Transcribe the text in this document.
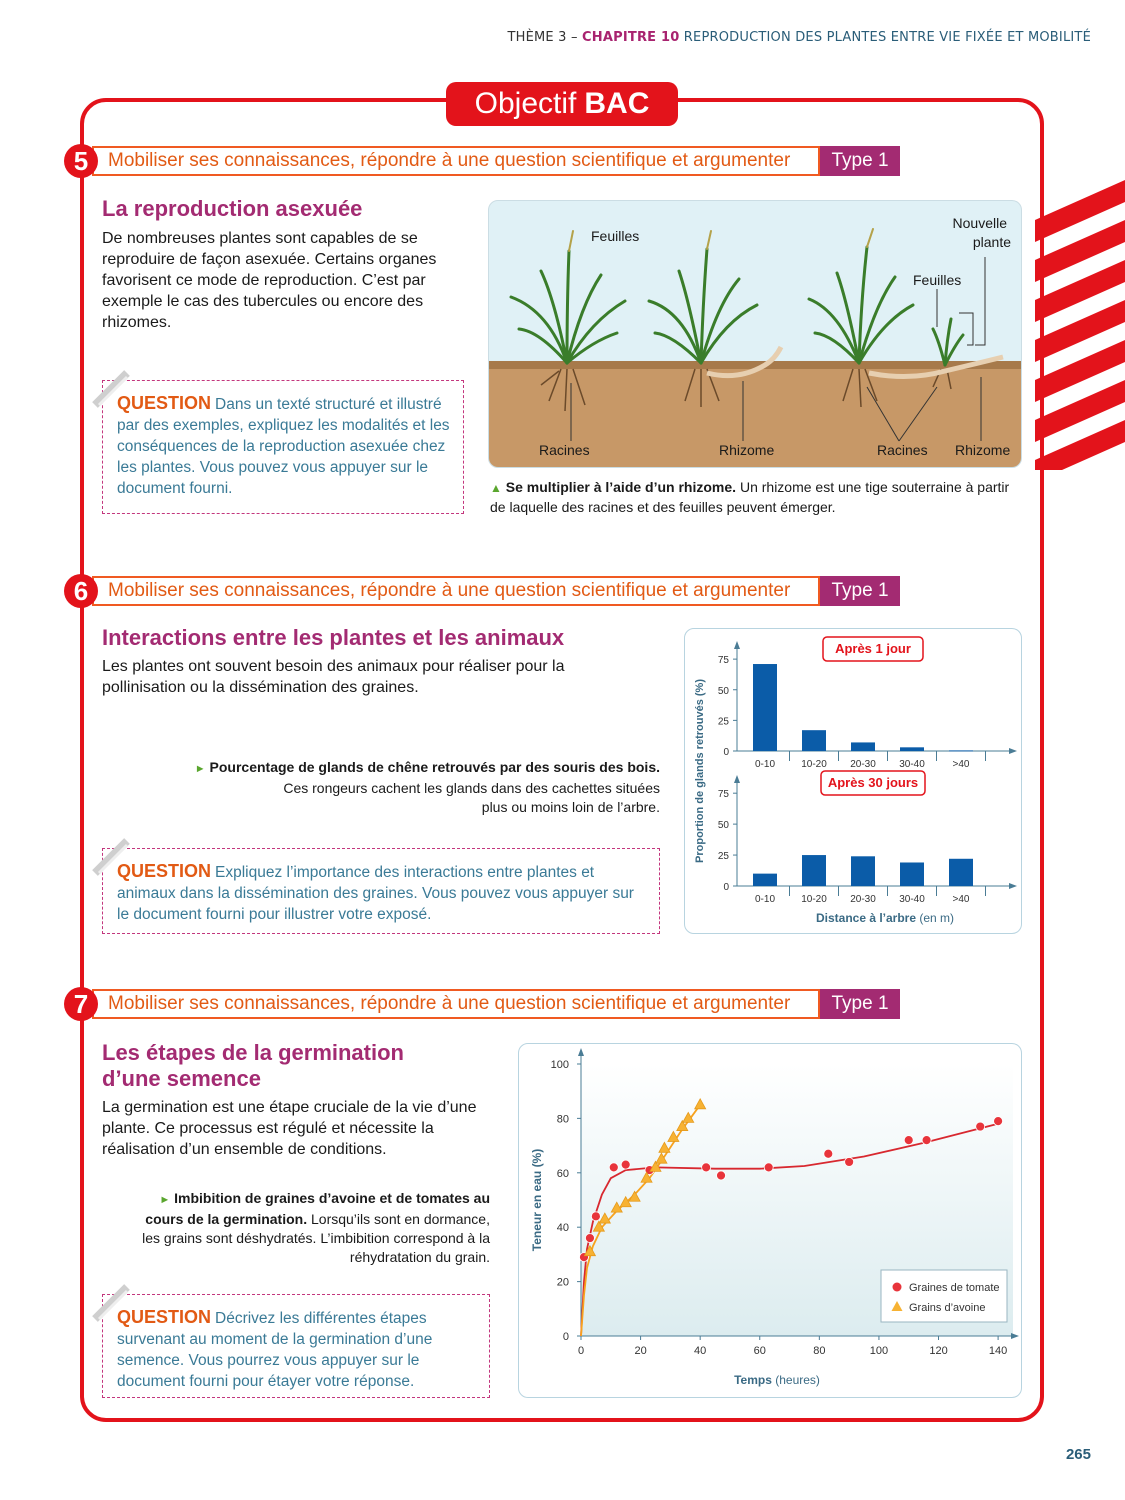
THÈME 3 – CHAPITRE 10 REPRODUCTION DES PLANTES ENTRE VIE FIXÉE ET MOBILITÉ
Objectif BAC
5	Mobiliser ses connaissances, répondre à une question scientifique et argumenter	Type 1
La reproduction asexuée
De nombreuses plantes sont capables de se reproduire de façon asexuée. Certains organes favorisent ce mode de reproduction. C’est par exemple le cas des tubercules ou encore des rhizomes.
QUESTION Dans un texté structuré et illustré par des exemples, expliquez les modalités et les conséquences de la reproduction asexuée chez les plantes. Vous pouvez vous appuyer sur le document fourni.
Feuilles
Nouvelle
plante
Feuilles
Racines	Rhizome	Racines Rhizome
▲ Se multiplier à l’aide d’un rhizome. Un rhizome est une tige souterraine à partir de laquelle des racines et des feuilles peuvent émerger.
6	Mobiliser ses connaissances, répondre à une question scientifique et argumenter	Type 1
Interactions entre les plantes et les animaux
Les plantes ont souvent besoin des animaux pour réaliser pour la pollinisation ou la dissémination des graines.
► Pourcentage de glands de chêne retrouvés par des souris des bois.
Ces rongeurs cachent les glands dans des cachettes situées
plus ou moins loin de l’arbre.
QUESTION Expliquez l’importance des interactions entre plantes et animaux dans la dissémination des graines. Vous pouvez vous appuyer sur le document fourni pour illustrer votre exposé.
0
25
50
75
0-10	10-20 20-30 30-40	>40
Après 1 jour
0
25
50
75
0-10	10-20 20-30 30-40	>40
Après 30 jours
Proportion de glands retrouvés (%)
Distance à l’arbre (en m)
7	Mobiliser ses connaissances, répondre à une question scientifique et argumenter	Type 1
Les étapes de la germination
d’une semence
La germination est une étape cruciale de la vie d’une plante. Ce processus est régulé et nécessite la réalisation d’un ensemble de conditions.
► Imbibition de graines d’avoine et de tomates au
cours de la germination. Lorsqu’ils sont en dormance,
les grains sont déshydratés. L’imbibition correspond à la
réhydratation du grain.
QUESTION Décrivez les différentes étapes survenant au moment de la germination d’une semence. Vous pourrez vous appuyer sur le document fourni pour étayer votre réponse.
0
20
40
60
80
100
0	20	40	60	80	100	120	140
Graines de tomate
Grains d’avoine
Teneur en eau (%)
Temps (heures)
265
